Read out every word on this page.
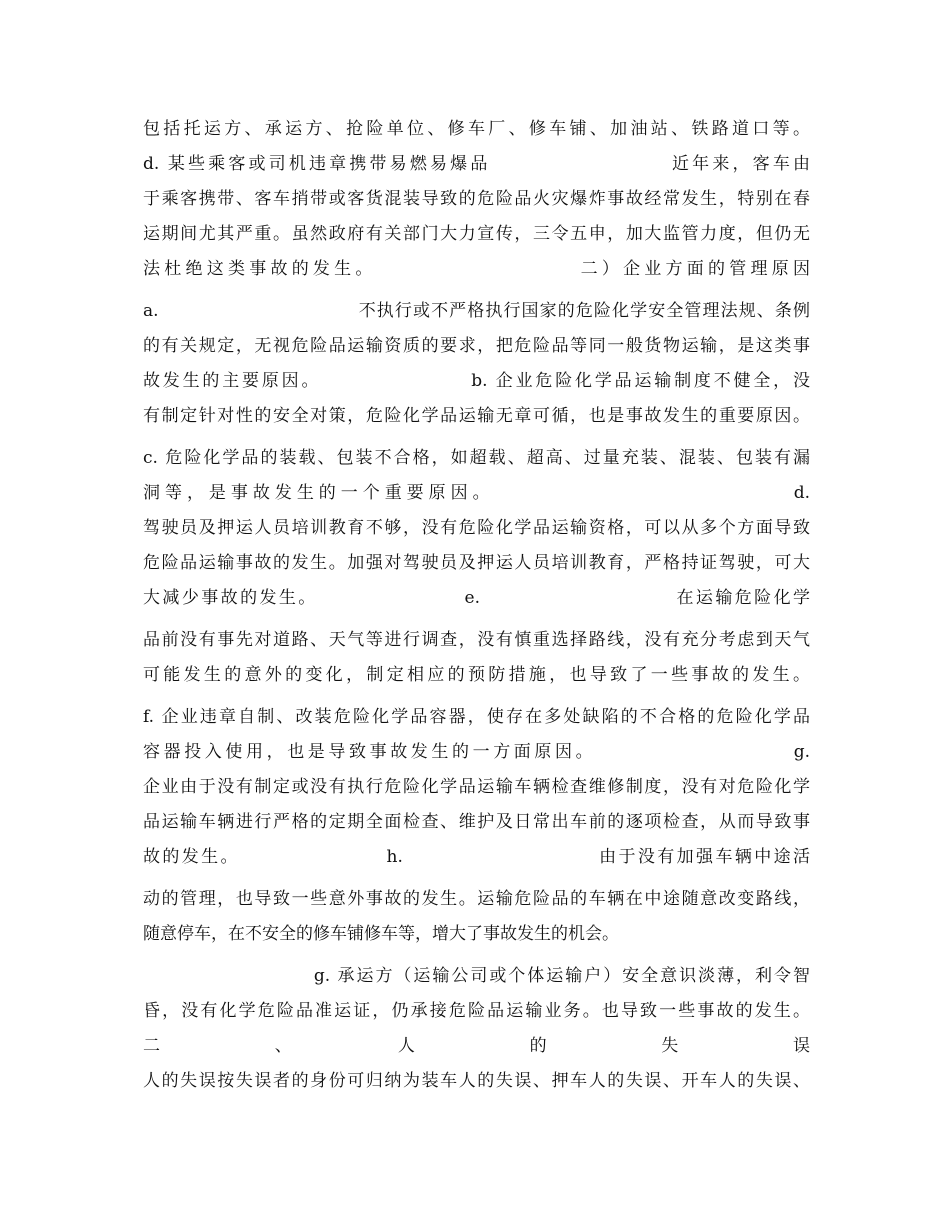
包括托运方、承运方、抢险单位、修车厂、修车铺、加油站、铁路道口等。
d. 某些乘客或司机违章携带易燃易爆品　　　　　　　　　近年来，客车由
于乘客携带、客车捎带或客货混装导致的危险品火灾爆炸事故经常发生，特别在春
运期间尤其严重。虽然政府有关部门大力宣传，三令五申，加大监管力度，但仍无
法杜绝这类事故的发生。　　　　　　　　　　二）企业方面的管理原因
a.　　　　　　　　　　　不执行或不严格执行国家的危险化学安全管理法规、条例
的有关规定，无视危险品运输资质的要求，把危险品等同一般货物运输，是这类事
故发生的主要原因。　　　　　　　　b. 企业危险化学品运输制度不健全，没
有制定针对性的安全对策，危险化学品运输无章可循，也是事故发生的重要原因。
c. 危险化学品的装载、包装不合格，如超载、超高、过量充装、混装、包装有漏
洞等，是事故发生的一个重要原因。　　　　　　　　　　　　　　d.
驾驶员及押运人员培训教育不够，没有危险化学品运输资格，可以从多个方面导致
危险品运输事故的发生。加强对驾驶员及押运人员培训教育，严格持证驾驶，可大
大减少事故的发生。　　　　　　　　e.　　　　　　　　　　在运输危险化学
品前没有事先对道路、天气等进行调查，没有慎重选择路线，没有充分考虑到天气
可能发生的意外的变化，制定相应的预防措施，也导致了一些事故的发生。
f. 企业违章自制、改装危险化学品容器，使存在多处缺陷的不合格的危险化学品
容器投入使用，也是导致事故发生的一方面原因。　　　　　　　　　　g.
企业由于没有制定或没有执行危险化学品运输车辆检查维修制度，没有对危险化学
品运输车辆进行严格的定期全面检查、维护及日常出车前的逐项检查，从而导致事
故的发生。　　　　　　　　h.　　　　　　　　　　由于没有加强车辆中途活
动的管理，也导致一些意外事故的发生。运输危险品的车辆在中途随意改变路线，
随意停车，在不安全的修车铺修车等，增大了事故发生的机会。
　　　　　　　　　g. 承运方（运输公司或个体运输户）安全意识淡薄，利令智
昏，没有化学危险品准运证，仍承接危险品运输业务。也导致一些事故的发生。
二　　　　、　　　　人　　　　的　　　　失　　　　误
人的失误按失误者的身份可归纳为装车人的失误、押车人的失误、开车人的失误、
